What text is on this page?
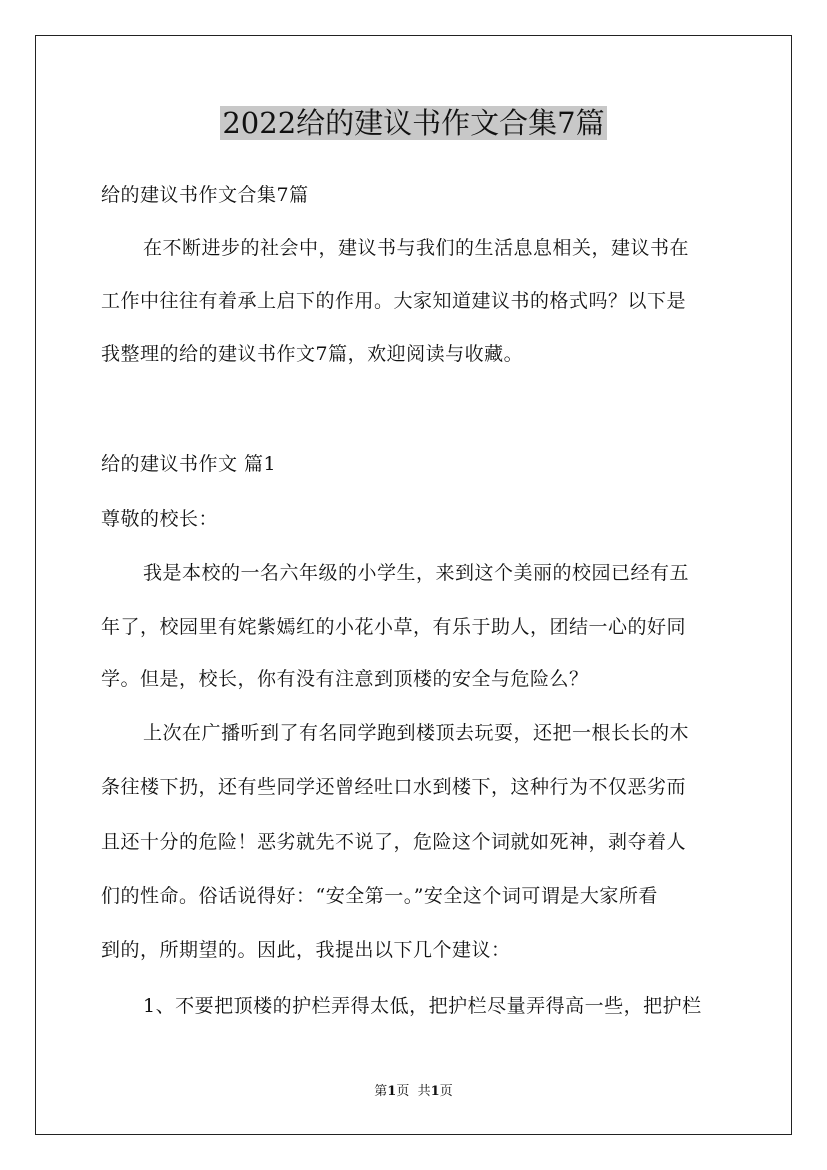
2022给的建议书作文合集7篇
给的建议书作文合集7篇
在不断进步的社会中，建议书与我们的生活息息相关，建议书在
工作中往往有着承上启下的作用。大家知道建议书的格式吗？以下是
我整理的给的建议书作文7篇，欢迎阅读与收藏。
给的建议书作文 篇1
尊敬的校长：
我是本校的一名六年级的小学生，来到这个美丽的校园已经有五
年了，校园里有姹紫嫣红的小花小草，有乐于助人，团结一心的好同
学。但是，校长，你有没有注意到顶楼的安全与危险么？
上次在广播听到了有名同学跑到楼顶去玩耍，还把一根长长的木
条往楼下扔，还有些同学还曾经吐口水到楼下，这种行为不仅恶劣而
且还十分的危险！恶劣就先不说了，危险这个词就如死神，剥夺着人
们的性命。俗话说得好：“安全第一。”安全这个词可谓是大家所看
到的，所期望的。因此，我提出以下几个建议：
1、不要把顶楼的护栏弄得太低，把护栏尽量弄得高一些，把护栏
第1页 共1页
